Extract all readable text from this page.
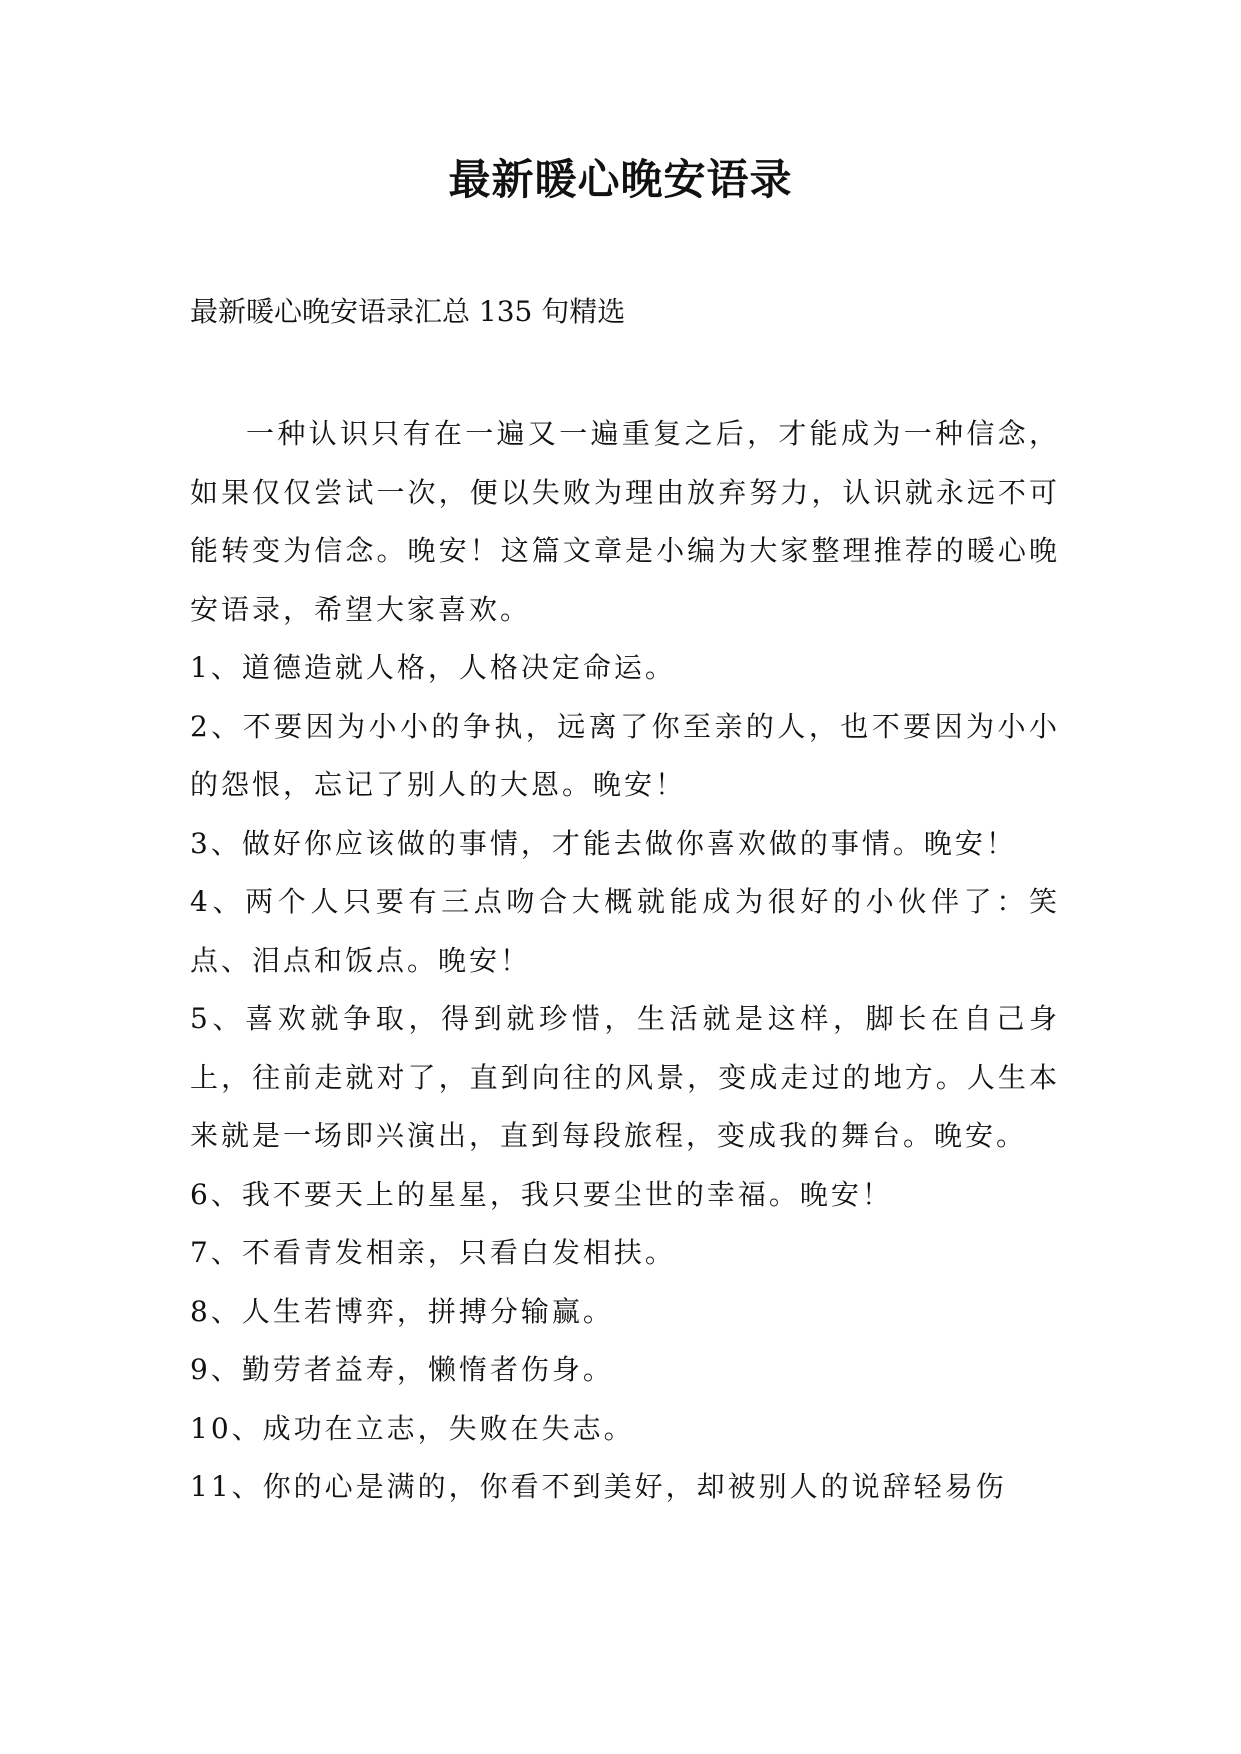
最新暖心晚安语录
最新暖心晚安语录汇总 135 句精选

一种认识只有在一遍又一遍重复之后，才能成为一种信念，如果仅仅尝试一次，便以失败为理由放弃努力，认识就永远不可能转变为信念。晚安！这篇文章是小编为大家整理推荐的暖心晚安语录，希望大家喜欢。

1、道德造就人格，人格决定命运。

2、不要因为小小的争执，远离了你至亲的人，也不要因为小小的怨恨，忘记了别人的大恩。晚安！

3、做好你应该做的事情，才能去做你喜欢做的事情。晚安！

4、两个人只要有三点吻合大概就能成为很好的小伙伴了：笑点、泪点和饭点。晚安！

5、喜欢就争取，得到就珍惜，生活就是这样，脚长在自己身上，往前走就对了，直到向往的风景，变成走过的地方。人生本来就是一场即兴演出，直到每段旅程，变成我的舞台。晚安。

6、我不要天上的星星，我只要尘世的幸福。晚安！

7、不看青发相亲，只看白发相扶。

8、人生若博弈，拼搏分输赢。

9、勤劳者益寿，懒惰者伤身。

10、成功在立志，失败在失志。

11、你的心是满的，你看不到美好，却被别人的说辞轻易伤
